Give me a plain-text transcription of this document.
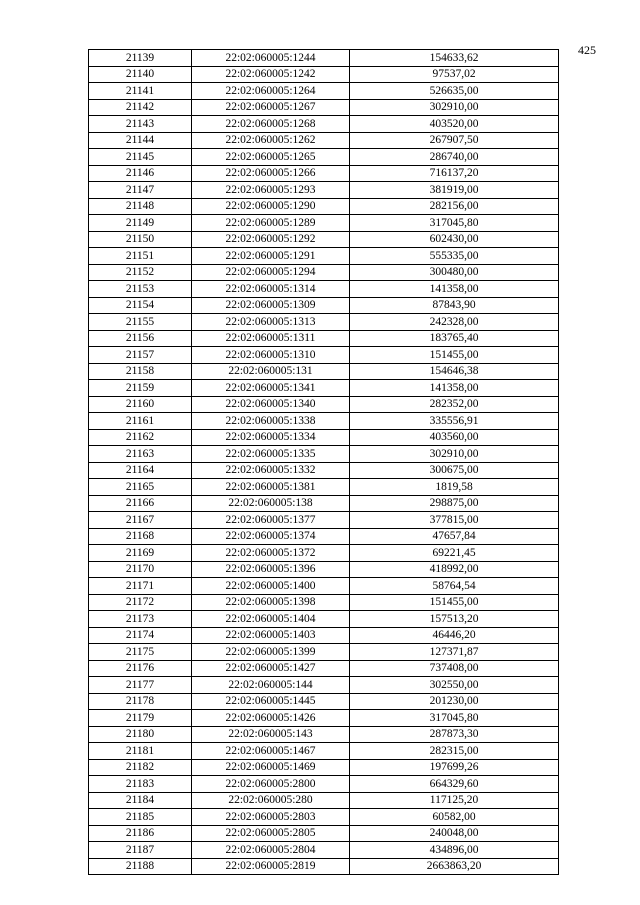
425
21139	22:02:060005:1244	154633,62
21140	22:02:060005:1242	97537,02
21141	22:02:060005:1264	526635,00
21142	22:02:060005:1267	302910,00
21143	22:02:060005:1268	403520,00
21144	22:02:060005:1262	267907,50
21145	22:02:060005:1265	286740,00
21146	22:02:060005:1266	716137,20
21147	22:02:060005:1293	381919,00
21148	22:02:060005:1290	282156,00
21149	22:02:060005:1289	317045,80
21150	22:02:060005:1292	602430,00
21151	22:02:060005:1291	555335,00
21152	22:02:060005:1294	300480,00
21153	22:02:060005:1314	141358,00
21154	22:02:060005:1309	87843,90
21155	22:02:060005:1313	242328,00
21156	22:02:060005:1311	183765,40
21157	22:02:060005:1310	151455,00
21158	22:02:060005:131	154646,38
21159	22:02:060005:1341	141358,00
21160	22:02:060005:1340	282352,00
21161	22:02:060005:1338	335556,91
21162	22:02:060005:1334	403560,00
21163	22:02:060005:1335	302910,00
21164	22:02:060005:1332	300675,00
21165	22:02:060005:1381	1819,58
21166	22:02:060005:138	298875,00
21167	22:02:060005:1377	377815,00
21168	22:02:060005:1374	47657,84
21169	22:02:060005:1372	69221,45
21170	22:02:060005:1396	418992,00
21171	22:02:060005:1400	58764,54
21172	22:02:060005:1398	151455,00
21173	22:02:060005:1404	157513,20
21174	22:02:060005:1403	46446,20
21175	22:02:060005:1399	127371,87
21176	22:02:060005:1427	737408,00
21177	22:02:060005:144	302550,00
21178	22:02:060005:1445	201230,00
21179	22:02:060005:1426	317045,80
21180	22:02:060005:143	287873,30
21181	22:02:060005:1467	282315,00
21182	22:02:060005:1469	197699,26
21183	22:02:060005:2800	664329,60
21184	22:02:060005:280	117125,20
21185	22:02:060005:2803	60582,00
21186	22:02:060005:2805	240048,00
21187	22:02:060005:2804	434896,00
21188	22:02:060005:2819	2663863,20
